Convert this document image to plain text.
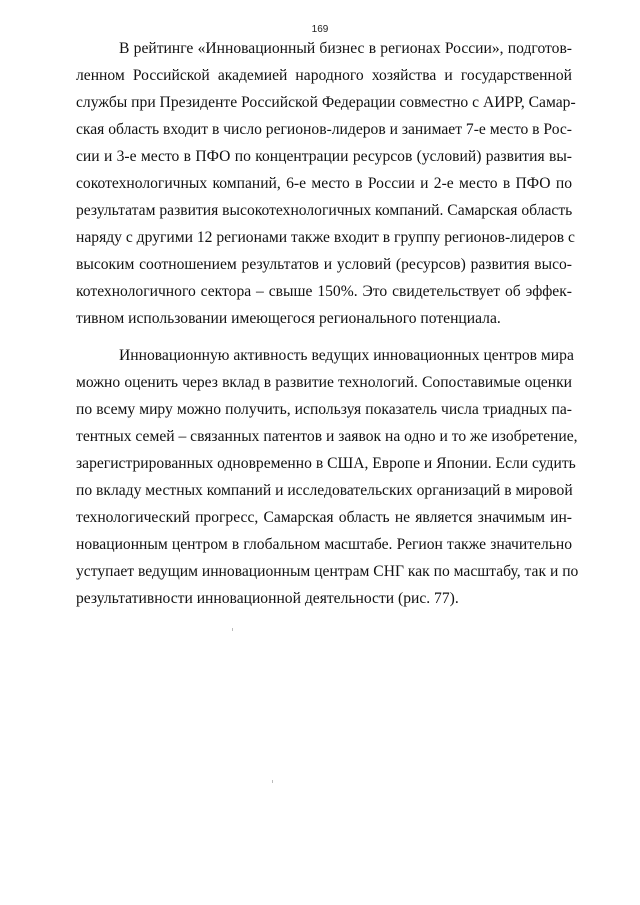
169
В рейтинге «Инновационный бизнес в регионах России», подготов-
ленном Российской академией народного хозяйства и государственной
службы при Президенте Российской Федерации совместно с АИРР, Самар-
ская область входит в число регионов-лидеров и занимает 7-е место в Рос-
сии и 3-е место в ПФО по концентрации ресурсов (условий) развития вы-
сокотехнологичных компаний, 6-е место в России и 2-е место в ПФО по
результатам развития высокотехнологичных компаний. Самарская область
наряду с другими 12 регионами также входит в группу регионов-лидеров с
высоким соотношением результатов и условий (ресурсов) развития высо-
котехнологичного сектора – свыше 150%. Это свидетельствует об эффек-
тивном использовании имеющегося регионального потенциала.
Инновационную активность ведущих инновационных центров мира
можно оценить через вклад в развитие технологий. Сопоставимые оценки
по всему миру можно получить, используя показатель числа триадных па-
тентных семей – связанных патентов и заявок на одно и то же изобретение,
зарегистрированных одновременно в США, Европе и Японии. Если судить
по вкладу местных компаний и исследовательских организаций в мировой
технологический прогресс, Самарская область не является значимым ин-
новационным центром в глобальном масштабе. Регион также значительно
уступает ведущим инновационным центрам СНГ как по масштабу, так и по
результативности инновационной деятельности (рис. 77).
